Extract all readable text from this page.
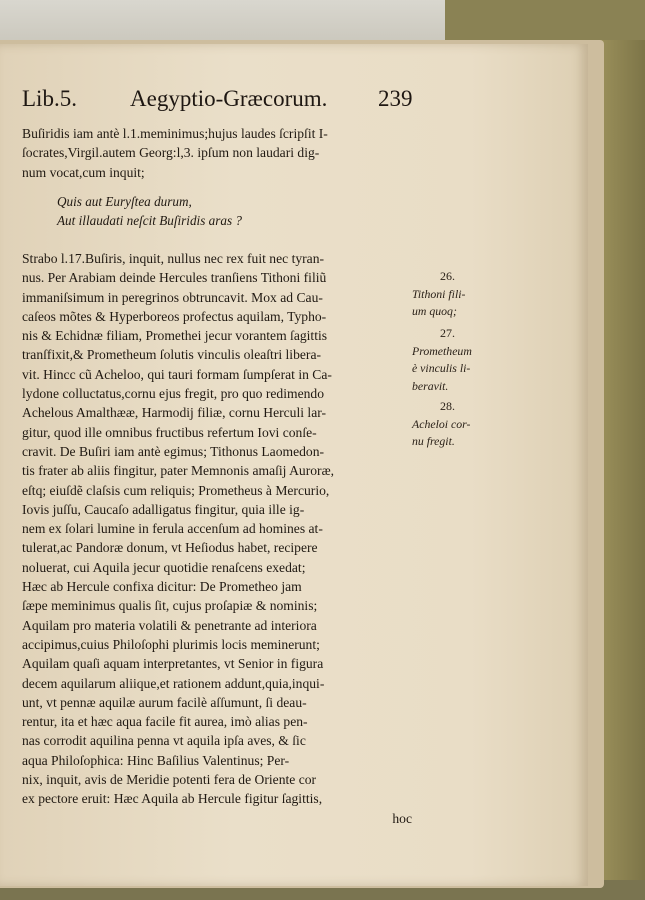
Lib.5. Aegyptio-Græcorum. 239
Buſiridis iam antè l.1.meminimus;hujus laudes ſcripſit I-
ſocrates,Virgil.autem Georg:l,3. ipſum non laudari dig-
num vocat,cum inquit;
Quis aut Euryſtea durum,
Aut illaudati neſcit Buſiridis aras ?
Strabo l.17.Buſiris, inquit, nullus nec rex fuit nec tyran-
nus. Per Arabiam deinde Hercules tranſiens Tithoni filiũ
immaniſsimum in peregrinos obtruncavit. Mox ad Cau-
caſeos mõtes & Hyperboreos profectus aquilam, Typho-
nis & Echidnæ filiam, Promethei jecur vorantem ſagittis
tranſfixit,& Prometheum ſolutis vinculis oleaſtri libera-
vit. Hincc cũ Acheloo, qui tauri formam ſumpſerat in Ca-
lydone colluctatus,cornu ejus fregit, pro quo redimendo
Achelous Amalthææ, Harmodij filiæ, cornu Herculi lar-
gitur, quod ille omnibus fructibus refertum Iovi conſe-
cravit. De Buſiri iam antè egimus; Tithonus Laomedon-
tis frater ab aliis fingitur, pater Memnonis amaſij Auroræ,
eſtq; eiuſdẽ claſsis cum reliquis; Prometheus à Mercurio,
Iovis juſſu, Caucaſo adalligatus fingitur, quia ille ig-
nem ex ſolari lumine in ferula accenſum ad homines at-
tulerat,ac Pandoræ donum, vt Heſiodus habet, recipere
noluerat, cui Aquila jecur quotidie renaſcens exedat;
Hæc ab Hercule confixa dicitur: De Prometheo jam
ſæpe meminimus qualis ſit, cujus proſapiæ & nominis;
Aquilam pro materia volatili & penetrante ad interiora
accipimus,cuius Philoſophi plurimis locis meminerunt;
Aquilam quaſi aquam interpretantes, vt Senior in figura
decem aquilarum aliique,et rationem addunt,quia,inqui-
unt, vt pennæ aquilæ aurum facilè aſſumunt, ſi deau-
rentur, ita et hæc aqua facile fit aurea, imò alias pen-
nas corrodit aquilina penna vt aquila ipſa aves, & ſic
aqua Philoſophica: Hinc Baſilius Valentinus; Per-
nix, inquit, avis de Meridie potenti fera de Oriente cor
ex pectore eruit: Hæc Aquila ab Hercule figitur ſagittis,
hoc
26.
Tithoni fili-
um quoq;
27.
Prometheum
è vinculis li-
beravit.
28.
Acheloi cor-
nu fregit.
